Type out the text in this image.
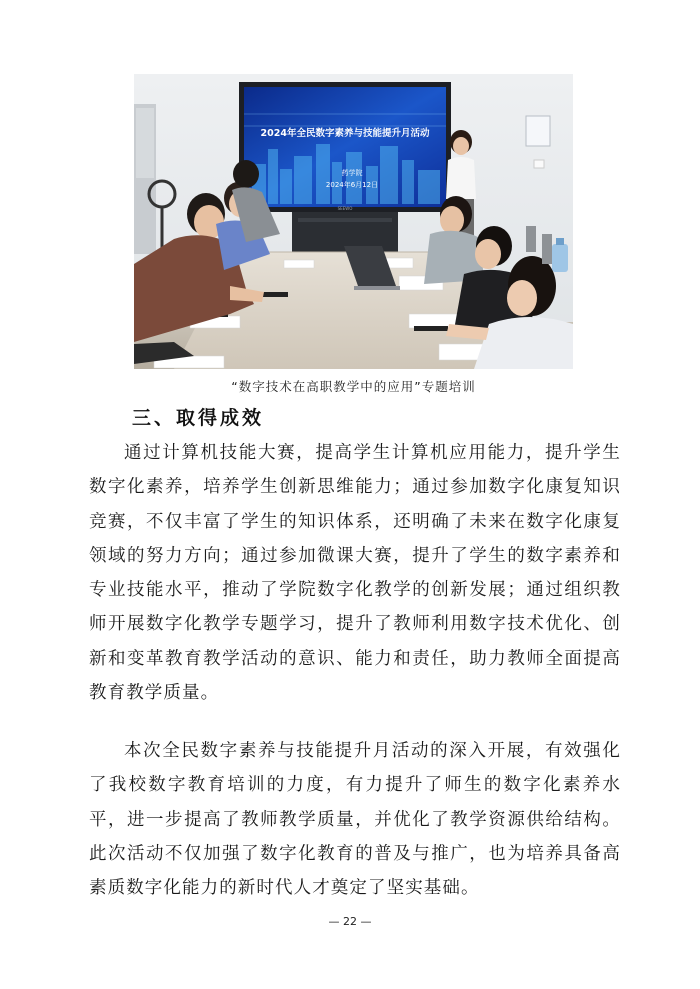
2024年全民数字素养与技能提升月活动
药学院
2024年6月12日
SEEWO
“数字技术在高职教学中的应用”专题培训
三、取得成效
通过计算机技能大赛，提高学生计算机应用能力，提升学生数字化素养，培养学生创新思维能力；通过参加数字化康复知识竞赛，不仅丰富了学生的知识体系，还明确了未来在数字化康复领域的努力方向；通过参加微课大赛，提升了学生的数字素养和专业技能水平，推动了学院数字化教学的创新发展；通过组织教师开展数字化教学专题学习，提升了教师利用数字技术优化、创新和变革教育教学活动的意识、能力和责任，助力教师全面提高教育教学质量。
本次全民数字素养与技能提升月活动的深入开展，有效强化了我校数字教育培训的力度，有力提升了师生的数字化素养水平，进一步提高了教师教学质量，并优化了教学资源供给结构。此次活动不仅加强了数字化教育的普及与推广，也为培养具备高素质数字化能力的新时代人才奠定了坚实基础。
— 22 —
